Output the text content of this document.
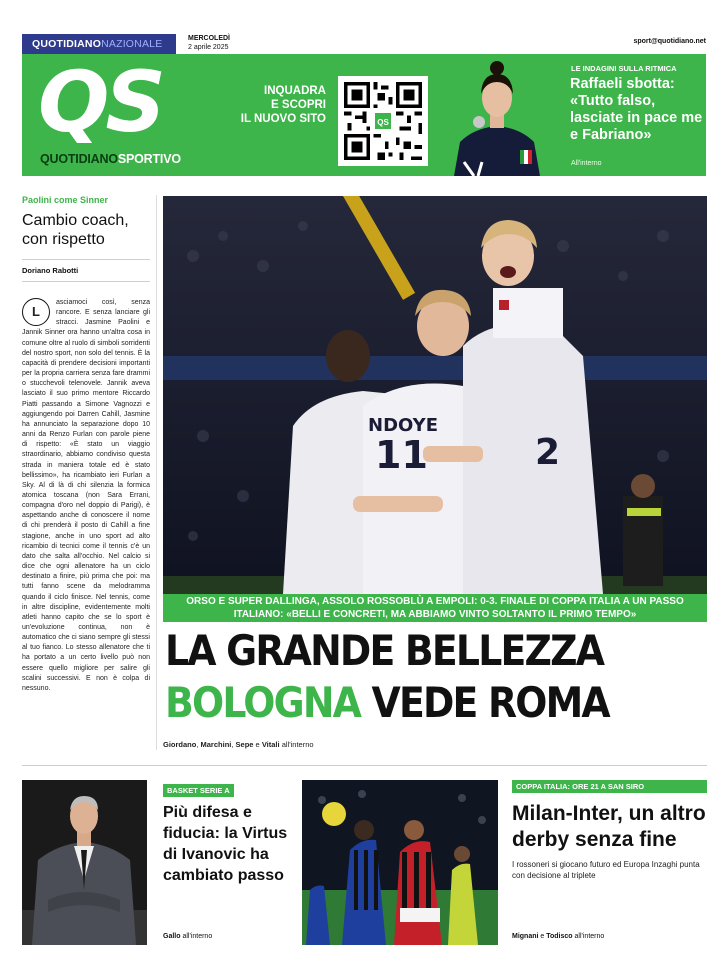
QUOTIDIANONAZIONALE	MERCOLEDÌ
2 aprile 2025
sport@quotidiano.net
QS
QUOTIDIANOSPORTIVO
INQUADRA
E SCOPRI
IL NUOVO SITO	QS
LE INDAGINI SULLA RITMICA
Raffaeli sbotta: «Tutto falso, lasciate in pace me e Fabriano»
All'interno
Paolini come Sinner
Cambio coach, con rispetto
Doriano Rabotti
L
asciamoci così, senza rancore. E senza lanciare gli stracci. Jasmine Paolini e Jannik Sinner ora hanno un'altra cosa in comune oltre al ruolo di simboli sorridenti del nostro sport, non solo del tennis. È la capacità di prendere decisioni importanti per la propria carriera senza fare drammi o stucchevoli telenovele. Jannik aveva lasciato il suo primo mentore Riccardo Piatti passando a Simone Vagnozzi e aggiungendo poi Darren Cahill, Jasmine ha annunciato la separazione dopo 10 anni da Renzo Furlan con parole piene di rispetto: «È stato un viaggio straordinario, abbiamo condiviso questa strada in maniera totale ed è stato bellissimo», ha ricambiato ieri Furlan a Sky. Al di là di chi silenzia la formica atomica toscana (non Sara Errani, compagna d'oro nel doppio di Parigi), è aspettando anche di conoscere il nome di chi prenderà il posto di Cahill a fine stagione, anche in uno sport ad alto ricambio di tecnici come il tennis c'è un dato che salta all'occhio. Nel calcio si dice che ogni allenatore ha un ciclo destinato a finire, più prima che poi: ma tutti fanno scene da melodramma quando il ciclo finisce. Nel tennis, come in altre discipline, evidentemente molti atleti hanno capito che se lo sport è un'evoluzione continua, non è automatico che ci siano sempre gli stessi al tuo fianco. Lo stesso allenatore che ti ha portato a un certo livello può non essere quello migliore per salire gli scalini successivi. E non è colpa di nessuno.
NDOYE
11	2
ORSO E SUPER DALLINGA, ASSOLO ROSSOBLÙ A EMPOLI: 0-3. FINALE DI COPPA ITALIA A UN PASSO ITALIANO: «BELLI E CONCRETI, MA ABBIAMO VINTO SOLTANTO IL PRIMO TEMPO»
LA GRANDE BELLEZZA
BOLOGNA VEDE ROMA
Giordano, Marchini, Sepe e Vitali all'interno
BASKET SERIE A
Più difesa e fiducia: la Virtus di Ivanovic ha cambiato passo
Gallo all'interno
COPPA ITALIA: ORE 21 A SAN SIRO
Milan-Inter, un altro derby senza fine

I rossoneri si giocano futuro ed Europa Inzaghi punta con decisione al triplete

Mignani e Todisco all'interno
